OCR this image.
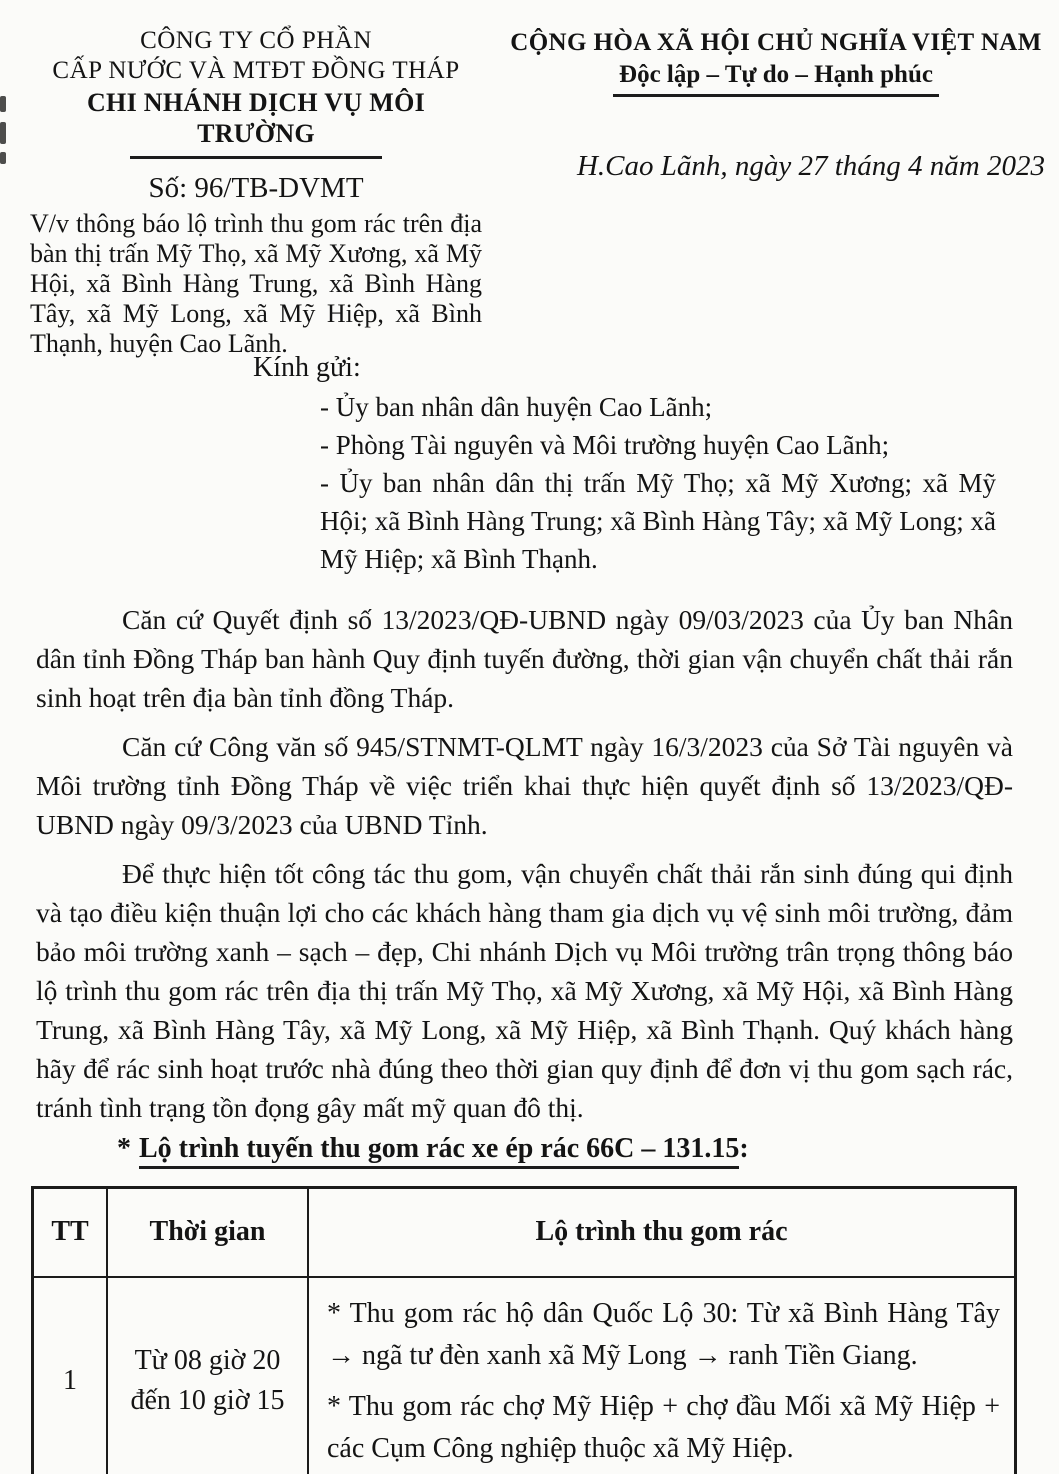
CÔNG TY CỔ PHẦN
CẤP NƯỚC VÀ MTĐT ĐỒNG THÁP
CHI NHÁNH DỊCH VỤ MÔI TRƯỜNG
Số: 96/TB-DVMT
V/v thông báo lộ trình thu gom rác trên địa bàn thị trấn Mỹ Thọ, xã Mỹ Xương, xã Mỹ Hội, xã Bình Hàng Trung, xã Bình Hàng Tây, xã Mỹ Long, xã Mỹ Hiệp, xã Bình Thạnh, huyện Cao Lãnh.
CỘNG HÒA XÃ HỘI CHỦ NGHĨA VIỆT NAM
Độc lập – Tự do – Hạnh phúc
H.Cao Lãnh, ngày 27 tháng 4 năm 2023
Kính gửi:
- Ủy ban nhân dân huyện Cao Lãnh;
- Phòng Tài nguyên và Môi trường huyện Cao Lãnh;
- Ủy ban nhân dân thị trấn Mỹ Thọ; xã Mỹ Xương; xã Mỹ Hội; xã Bình Hàng Trung; xã Bình Hàng Tây; xã Mỹ Long; xã Mỹ Hiệp; xã Bình Thạnh.

Căn cứ Quyết định số 13/2023/QĐ-UBND ngày 09/03/2023 của Ủy ban Nhân dân tỉnh Đồng Tháp ban hành Quy định tuyến đường, thời gian vận chuyển chất thải rắn sinh hoạt trên địa bàn tỉnh đồng Tháp.

Căn cứ Công văn số 945/STNMT-QLMT ngày 16/3/2023 của Sở Tài nguyên và Môi trường tỉnh Đồng Tháp về việc triển khai thực hiện quyết định số 13/2023/QĐ-UBND ngày 09/3/2023 của UBND Tỉnh.

Để thực hiện tốt công tác thu gom, vận chuyển chất thải rắn sinh đúng qui định và tạo điều kiện thuận lợi cho các khách hàng tham gia dịch vụ vệ sinh môi trường, đảm bảo môi trường xanh – sạch – đẹp, Chi nhánh Dịch vụ Môi trường trân trọng thông báo lộ trình thu gom rác trên địa thị trấn Mỹ Thọ, xã Mỹ Xương, xã Mỹ Hội, xã Bình Hàng Trung, xã Bình Hàng Tây, xã Mỹ Long, xã Mỹ Hiệp, xã Bình Thạnh. Quý khách hàng hãy để rác sinh hoạt trước nhà đúng theo thời gian quy định để đơn vị thu gom sạch rác, tránh tình trạng tồn đọng gây mất mỹ quan đô thị.

* Lộ trình tuyến thu gom rác xe ép rác 66C – 131.15:
TT	Thời gian	Lộ trình thu gom rác
1	Từ 08 giờ 20 đến 10 giờ 15	* Thu gom rác hộ dân Quốc Lộ 30: Từ xã Bình Hàng Tây → ngã tư đèn xanh xã Mỹ Long → ranh Tiền Giang.

* Thu gom rác chợ Mỹ Hiệp + chợ đầu Mối xã Mỹ Hiệp + các Cụm Công nghiệp thuộc xã Mỹ Hiệp.
